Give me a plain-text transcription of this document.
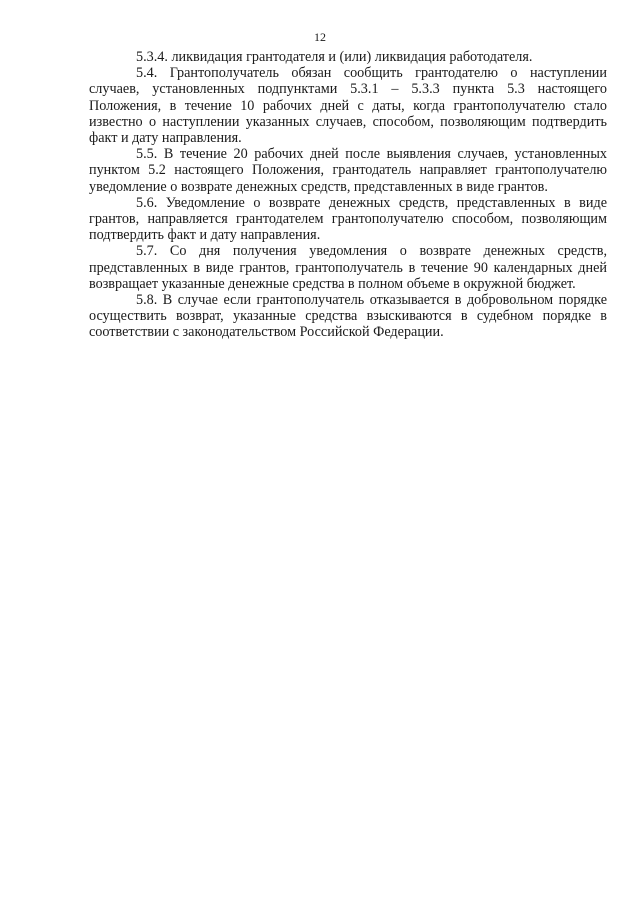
12

5.3.4. ликвидация грантодателя и (или) ликвидация работодателя.

5.4. Грантополучатель обязан сообщить грантодателю о наступлении случаев, установленных подпунктами 5.3.1 – 5.3.3 пункта 5.3 настоящего Положения, в течение 10 рабочих дней с даты, когда грантополучателю стало известно о наступлении указанных случаев, способом, позволяющим подтвердить факт и дату направления.

5.5. В течение 20 рабочих дней после выявления случаев, установленных пунктом 5.2 настоящего Положения, грантодатель направляет грантополучателю уведомление о возврате денежных средств, представленных в виде грантов.

5.6. Уведомление о возврате денежных средств, представленных в виде грантов, направляется грантодателем грантополучателю способом, позволяющим подтвердить факт и дату направления.

5.7. Со дня получения уведомления о возврате денежных средств, представленных в виде грантов, грантополучатель в течение 90 календарных дней возвращает указанные денежные средства в полном объеме в окружной бюджет.

5.8. В случае если грантополучатель отказывается в добровольном порядке осуществить возврат, указанные средства взыскиваются в судебном порядке в соответствии с законодательством Российской Федерации.
